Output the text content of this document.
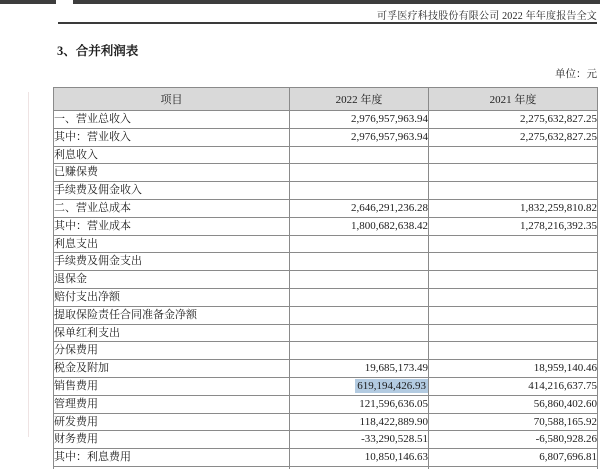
可孚医疗科技股份有限公司 2022 年年度报告全文
3、合并利润表
单位：元
项目	2022 年度	2021 年度
一、营业总收入	2,976,957,963.94	2,275,632,827.25
其中：营业收入	2,976,957,963.94	2,275,632,827.25
利息收入		
已赚保费		
手续费及佣金收入		
二、营业总成本	2,646,291,236.28	1,832,259,810.82
其中：营业成本	1,800,682,638.42	1,278,216,392.35
利息支出		
手续费及佣金支出		
退保金		
赔付支出净额		
提取保险责任合同准备金净额		
保单红利支出		
分保费用		
税金及附加	19,685,173.49	18,959,140.46
销售费用	619,194,426.93	414,216,637.75
管理费用	121,596,636.05	56,860,402.60
研发费用	118,422,889.90	70,588,165.92
财务费用	-33,290,528.51	-6,580,928.26
其中：利息费用	10,850,146.63	6,807,696.81
